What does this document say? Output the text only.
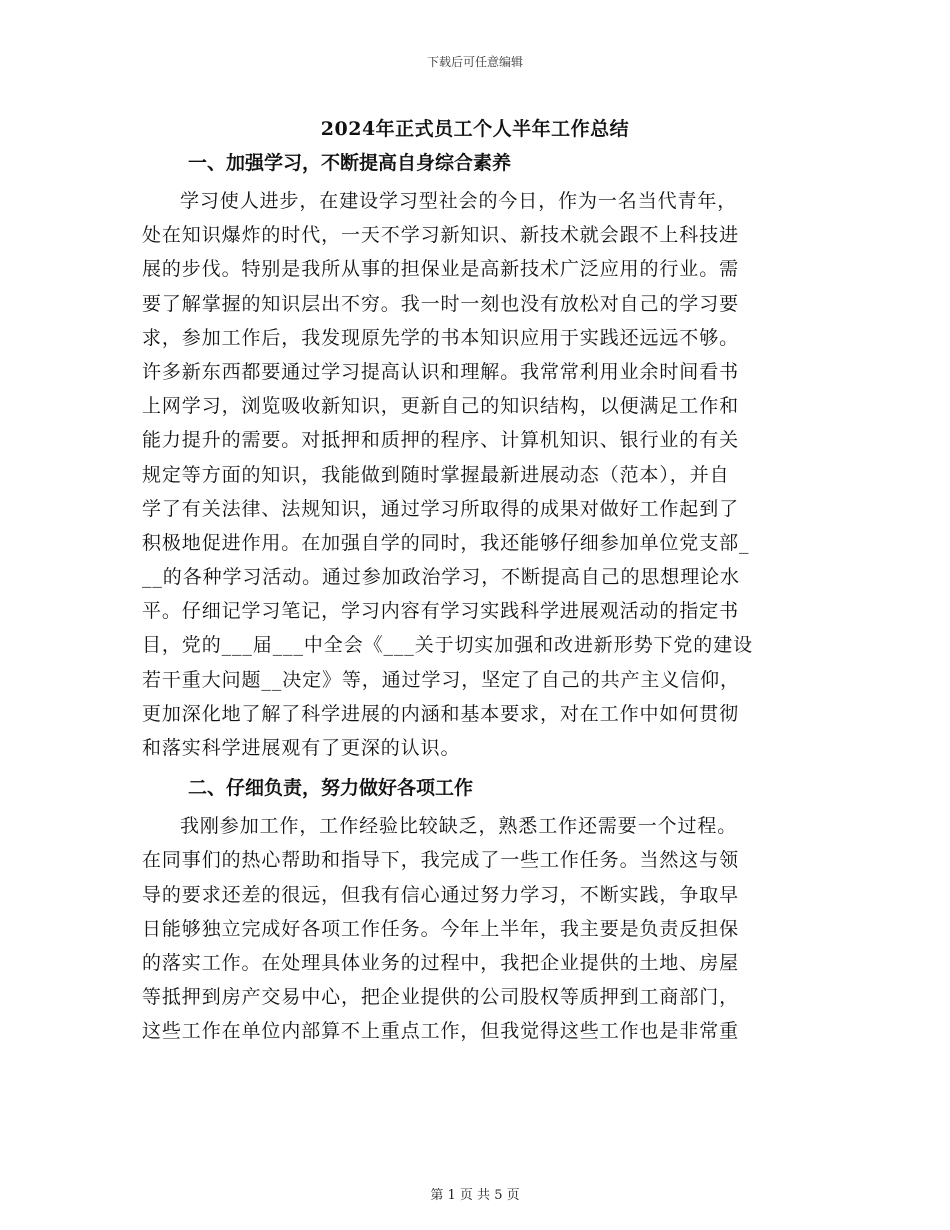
下载后可任意编辑
2024年正式员工个人半年工作总结
一、加强学习，不断提高自身综合素养
学习使人进步，在建设学习型社会的今日，作为一名当代青年，
处在知识爆炸的时代，一天不学习新知识、新技术就会跟不上科技进
展的步伐。特别是我所从事的担保业是高新技术广泛应用的行业。需
要了解掌握的知识层出不穷。我一时一刻也没有放松对自己的学习要
求，参加工作后，我发现原先学的书本知识应用于实践还远远不够。
许多新东西都要通过学习提高认识和理解。我常常利用业余时间看书
上网学习，浏览吸收新知识，更新自己的知识结构，以便满足工作和
能力提升的需要。对抵押和质押的程序、计算机知识、银行业的有关
规定等方面的知识，我能做到随时掌握最新进展动态（范本），并自
学了有关法律、法规知识，通过学习所取得的成果对做好工作起到了
积极地促进作用。在加强自学的同时，我还能够仔细参加单位党支部_
__的各种学习活动。通过参加政治学习，不断提高自己的思想理论水
平。仔细记学习笔记，学习内容有学习实践科学进展观活动的指定书
目，党的___届___中全会《___关于切实加强和改进新形势下党的建设
若干重大问题__决定》等，通过学习，坚定了自己的共产主义信仰，
更加深化地了解了科学进展的内涵和基本要求，对在工作中如何贯彻
和落实科学进展观有了更深的认识。
二、仔细负责，努力做好各项工作
我刚参加工作，工作经验比较缺乏，熟悉工作还需要一个过程。
在同事们的热心帮助和指导下，我完成了一些工作任务。当然这与领
导的要求还差的很远，但我有信心通过努力学习，不断实践，争取早
日能够独立完成好各项工作任务。今年上半年，我主要是负责反担保
的落实工作。在处理具体业务的过程中，我把企业提供的土地、房屋
等抵押到房产交易中心，把企业提供的公司股权等质押到工商部门，
这些工作在单位内部算不上重点工作，但我觉得这些工作也是非常重
第 1 页 共 5 页
